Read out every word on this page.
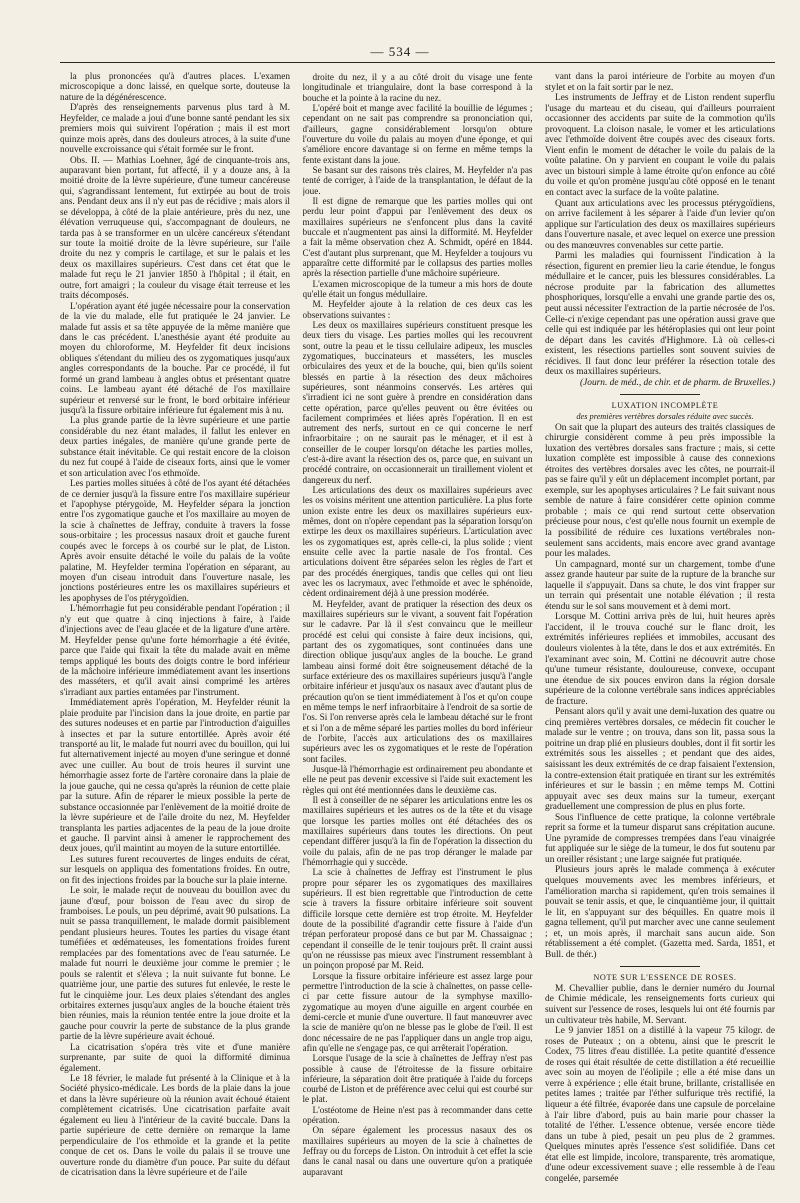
— 534 —

la plus prononcées qu'à d'autres places. L'examen microscopique a donc laissé, en quelque sorte, douteuse la nature de la dégénérescence.

D'après des renseignements parvenus plus tard à M. Heyfelder, ce malade a joui d'une bonne santé pendant les six premiers mois qui suivirent l'opération ; mais il est mort quinze mois après, dans des douleurs atroces, à la suite d'une nouvelle excroissance qui s'était formée sur le front.

Obs. II. — Mathias Loehner, âgé de cinquante-trois ans, auparavant bien portant, fut affecté, il y a douze ans, à la moitié droite de la lèvre supérieure, d'une tumeur cancéreuse qui, s'agrandissant lentement, fut extirpée au bout de trois ans. Pendant deux ans il n'y eut pas de récidive ; mais alors il se développa, à côté de la plaie antérieure, près du nez, une élévation verruqueuse qui, s'accompagnant de douleurs, ne tarda pas à se transformer en un ulcère cancéreux s'étendant sur toute la moitié droite de la lèvre supérieure, sur l'aile droite du nez y compris le cartilage, et sur le palais et les deux os maxillaires supérieurs. C'est dans cet état que le malade fut reçu le 21 janvier 1850 à l'hôpital ; il était, en outre, fort amaigri ; la couleur du visage était terreuse et les traits décomposés.

L'opération ayant été jugée nécessaire pour la conservation de la vie du malade, elle fut pratiquée le 24 janvier. Le malade fut assis et sa tête appuyée de la même manière que dans le cas précédent. L'anesthésie ayant été produite au moyen du chloroforme, M. Heyfelder fit deux incisions obliques s'étendant du milieu des os zygomatiques jusqu'aux angles correspondants de la bouche. Par ce procédé, il fut formé un grand lambeau à angles obtus et présentant quatre coins. Le lambeau ayant été détaché de l'os maxillaire supérieur et renversé sur le front, le bord orbitaire inférieur jusqu'à la fissure orbitaire inférieure fut également mis à nu.

La plus grande partie de la lèvre supérieure et une partie considérable du nez étant malades, il fallut les enlever en deux parties inégales, de manière qu'une grande perte de substance était inévitable. Ce qui restait encore de la cloison du nez fut coupé à l'aide de ciseaux forts, ainsi que le vomer et son articulation avec l'os ethmoïde.

Les parties molles situées à côté de l'os ayant été détachées de ce dernier jusqu'à la fissure entre l'os maxillaire supérieur et l'apophyse ptérygoïde, M. Heyfelder sépara la jonction entre l'os zygomatique gauche et l'os maxillaire au moyen de la scie à chaînettes de Jeffray, conduite à travers la fosse sous-orbitaire ; les processus nasaux droit et gauche furent coupés avec le forceps à os courbé sur le plat, de Liston. Après avoir ensuite détaché le voile du palais de la voûte palatine, M. Heyfelder termina l'opération en séparant, au moyen d'un ciseau introduit dans l'ouverture nasale, les jonctions postérieures entre les os maxillaires supérieurs et les apophyses de l'os ptérygoïdien.

L'hémorrhagie fut peu considérable pendant l'opération ; il n'y eut que quatre à cinq injections à faire, à l'aide d'injections avec de l'eau glacée et de la ligature d'une artère. M. Heyfelder pense qu'une forte hémorrhagie a été évitée, parce que l'aide qui fixait la tête du malade avait en même temps appliqué les bouts des doigts contre le bord inférieur de la mâchoire inférieure immédiatement avant les insertions des masséters, et qu'il avait ainsi comprimé les artères s'irradiant aux parties entamées par l'instrument.

Immédiatement après l'opération, M. Heyfelder réunit la plaie produite par l'incision dans la joue droite, en partie par des sutures nodeuses et en partie par l'introduction d'aiguilles à insectes et par la suture entortillée. Après avoir été transporté au lit, le malade fut nourri avec du bouillon, qui lui fut alternativement injecté au moyen d'une seringue et donné avec une cuiller. Au bout de trois heures il survint une hémorrhagie assez forte de l'artère coronaire dans la plaie de la joue gauche, qui ne cessa qu'après la réunion de cette plaie par la suture. Afin de réparer le mieux possible la perte de substance occasionnée par l'enlèvement de la moitié droite de la lèvre supérieure et de l'aile droite du nez, M. Heyfelder transplanta les parties adjacentes de la peau de la joue droite et gauche. Il parvint ainsi à amener le rapprochement des deux joues, qu'il maintint au moyen de la suture entortillée.

Les sutures furent recouvertes de linges enduits de cérat, sur lesquels on appliqua des fomentations froides. En outre, on fit des injections froides par la bouche sur la plaie interne.

Le soir, le malade reçut de nouveau du bouillon avec du jaune d'œuf, pour boisson de l'eau avec du sirop de framboises. Le pouls, un peu déprimé, avait 90 pulsations. La nuit se passa tranquillement, le malade dormit paisiblement pendant plusieurs heures. Toutes les parties du visage étant tuméfiées et œdémateuses, les fomentations froides furent remplacées par des fomentations avec de l'eau saturnée. Le malade fut nourri le deuxième jour comme le premier ; le pouls se ralentit et s'éleva ; la nuit suivante fut bonne. Le quatrième jour, une partie des sutures fut enlevée, le reste le fut le cinquième jour. Les deux plaies s'étendant des angles orbitaires externes jusqu'aux angles de la bouche étaient très bien réunies, mais la réunion tentée entre la joue droite et la gauche pour couvrir la perte de substance de la plus grande partie de la lèvre supérieure avait échoué.

La cicatrisation s'opéra très vite et d'une manière surprenante, par suite de quoi la difformité diminua également.

Le 18 février, le malade fut présenté à la Clinique et à la Société physico-médicale. Les bords de la plaie dans la joue et dans la lèvre supérieure où la réunion avait échoué étaient complètement cicatrisés. Une cicatrisation parfaite avait également eu lieu à l'intérieur de la cavité buccale. Dans la partie supérieure de cette dernière on remarque la lame perpendiculaire de l'os ethmoïde et la grande et la petite conque de cet os. Dans le voile du palais il se trouve une ouverture ronde du diamètre d'un pouce. Par suite du défaut de cicatrisation dans la lèvre supérieure et de l'aile

droite du nez, il y a au côté droit du visage une fente longitudinale et triangulaire, dont la base correspond à la bouche et la pointe à la racine du nez.

L'opéré boit et mange avec facilité la bouillie de légumes ; cependant on ne sait pas comprendre sa prononciation qui, d'ailleurs, gagne considérablement lorsqu'on obture l'ouverture du voile du palais au moyen d'une éponge, et qui s'améliore encore davantage si on ferme en même temps la fente existant dans la joue.

Se basant sur des raisons très claires, M. Heyfelder n'a pas tenté de corriger, à l'aide de la transplantation, le défaut de la joue.

Il est digne de remarque que les parties molles qui ont perdu leur point d'appui par l'enlèvement des deux os maxillaires supérieurs ne s'enfoncent plus dans la cavité buccale et n'augmentent pas ainsi la difformité. M. Heyfelder a fait la même observation chez A. Schmidt, opéré en 1844. C'est d'autant plus surprenant, que M. Heyfelder a toujours vu apparaître cette difformité par le collapsus des parties molles après la résection partielle d'une mâchoire supérieure.

L'examen microscopique de la tumeur a mis hors de doute qu'elle était un fongus médullaire.

M. Heyfelder ajoute à la relation de ces deux cas les observations suivantes :

Les deux os maxillaires supérieurs constituent presque les deux tiers du visage. Les parties molles qui les recouvrent sont, outre la peau et le tissu cellulaire adipeux, les muscles zygomatiques, buccinateurs et masséters, les muscles orbiculaires des yeux et de la bouche, qui, bien qu'ils soient blessés en partie à la résection des deux mâchoires supérieures, sont néanmoins conservés. Les artères qui s'irradient ici ne sont guère à prendre en considération dans cette opération, parce qu'elles peuvent ou être évitées ou facilement comprimées et liées après l'opération. Il en est autrement des nerfs, surtout en ce qui concerne le nerf infraorbitaire ; on ne saurait pas le ménager, et il est à conseiller de le couper lorsqu'on détache les parties molles, c'est-à-dire avant la résection des os, parce que, en suivant un procédé contraire, on occasionnerait un tiraillement violent et dangereux du nerf.

Les articulations des deux os maxillaires supérieurs avec les os voisins méritent une attention particulière. La plus forte union existe entre les deux os maxillaires supérieurs eux-mêmes, dont on n'opère cependant pas la séparation lorsqu'on extirpe les deux os maxillaires supérieurs. L'articulation avec les os zygomatiques est, après celle-ci, la plus solide ; vient ensuite celle avec la partie nasale de l'os frontal. Ces articulations doivent être séparées selon les règles de l'art et par des procédés énergiques, tandis que celles qui ont lieu avec les os lacrymaux, avec l'ethmoïde et avec le sphénoïde, cèdent ordinairement déjà à une pression modérée.

M. Heyfelder, avant de pratiquer la résection des deux os maxillaires supérieurs sur le vivant, a souvent fait l'opération sur le cadavre. Par là il s'est convaincu que le meilleur procédé est celui qui consiste à faire deux incisions, qui, partant des os zygomatiques, sont continuées dans une direction oblique jusqu'aux angles de la bouche. Le grand lambeau ainsi formé doit être soigneusement détaché de la surface extérieure des os maxillaires supérieurs jusqu'à l'angle orbitaire inférieur et jusqu'aux os nasaux avec d'autant plus de précaution qu'on se tient immédiatement à l'os et qu'on coupe en même temps le nerf infraorbitaire à l'endroit de sa sortie de l'os. Si l'on renverse après cela le lambeau détaché sur le front et si l'on a de même séparé les parties molles du bord inférieur de l'orbite, l'accès aux articulations des os maxillaires supérieurs avec les os zygomatiques et le reste de l'opération sont faciles.

Jusque-là l'hémorrhagie est ordinairement peu abondante et elle ne peut pas devenir excessive si l'aide suit exactement les règles qui ont été mentionnées dans le deuxième cas.

Il est à conseiller de ne séparer les articulations entre les os maxillaires supérieurs et les autres os de la tête et du visage que lorsque les parties molles ont été détachées des os maxillaires supérieurs dans toutes les directions. On peut cependant différer jusqu'à la fin de l'opération la dissection du voile du palais, afin de ne pas trop déranger le malade par l'hémorrhagie qui y succède.

La scie à chaînettes de Jeffray est l'instrument le plus propre pour séparer les os zygomatiques des maxillaires supérieurs. Il est bien regrettable que l'introduction de cette scie à travers la fissure orbitaire inférieure soit souvent difficile lorsque cette dernière est trop étroite. M. Heyfelder doute de la possibilité d'agrandir cette fissure à l'aide d'un trépan perforateur proposé dans ce but par M. Chassaignac ; cependant il conseille de le tenir toujours prêt. Il craint aussi qu'on ne réussisse pas mieux avec l'instrument ressemblant à un poinçon proposé par M. Reid.

Lorsque la fissure orbitaire inférieure est assez large pour permettre l'introduction de la scie à chaînettes, on passe celle-ci par cette fissure autour de la symphyse maxillo-zygomatique au moyen d'une aiguille en argent courbée en demi-cercle et munie d'une ouverture. Il faut manœuvrer avec la scie de manière qu'on ne blesse pas le globe de l'œil. Il est donc nécessaire de ne pas l'appliquer dans un angle trop aigu, afin qu'elle ne s'engage pas, ce qui arrêterait l'opération.

Lorsque l'usage de la scie à chaînettes de Jeffray n'est pas possible à cause de l'étroitesse de la fissure orbitaire inférieure, la séparation doit être pratiquée à l'aide du forceps courbé de Liston et de préférence avec celui qui est courbé sur le plat.

L'ostéotome de Heine n'est pas à recommander dans cette opération.

On sépare également les processus nasaux des os maxillaires supérieurs au moyen de la scie à chaînettes de Jeffray ou du forceps de Liston. On introduit à cet effet la scie dans le canal nasal ou dans une ouverture qu'on a pratiquée auparavant

vant dans la paroi intérieure de l'orbite au moyen d'un stylet et on la fait sortir par le nez.

Les instruments de Jeffray et de Liston rendent superflu l'usage du marteau et du ciseau, qui d'ailleurs pourraient occasionner des accidents par suite de la commotion qu'ils provoquent. La cloison nasale, le vomer et les articulations avec l'ethmoïde doivent être coupés avec des ciseaux forts. Vient enfin le moment de détacher le voile du palais de la voûte palatine. On y parvient en coupant le voile du palais avec un bistouri simple à lame étroite qu'on enfonce au côté du voile et qu'on promène jusqu'au côté opposé en le tenant en contact avec la surface de la voûte palatine.

Quant aux articulations avec les processus ptérygoïdiens, on arrive facilement à les séparer à l'aide d'un levier qu'on applique sur l'articulation des deux os maxillaires supérieurs dans l'ouverture nasale, et avec lequel on exerce une pression ou des manœuvres convenables sur cette partie.

Parmi les maladies qui fournissent l'indication à la résection, figurent en premier lieu la carie étendue, le fongus médullaire et le cancer, puis les blessures considérables. La nécrose produite par la fabrication des allumettes phosphoriques, lorsqu'elle a envahi une grande partie des os, peut aussi nécessiter l'extraction de la partie nécrosée de l'os. Celle-ci n'exige cependant pas une opération aussi grave que celle qui est indiquée par les hétéroplasies qui ont leur point de départ dans les cavités d'Highmore. Là où celles-ci existent, les résections partielles sont souvent suivies de récidives. Il faut donc leur préférer la résection totale des deux os maxillaires supérieurs.

(Journ. de méd., de chir. et de pharm. de Bruxelles.)

LUXATION INCOMPLÈTE

des premières vertèbres dorsales réduite avec succès.

On sait que la plupart des auteurs des traités classiques de chirurgie considèrent comme à peu près impossible la luxation des vertèbres dorsales sans fracture ; mais, si cette luxation complète est impossible à cause des connexions étroites des vertèbres dorsales avec les côtes, ne pourrait-il pas se faire qu'il y eût un déplacement incomplet portant, par exemple, sur les apophyses articulaires ? Le fait suivant nous semble de nature à faire considérer cette opinion comme probable ; mais ce qui rend surtout cette observation précieuse pour nous, c'est qu'elle nous fournit un exemple de la possibilité de réduire ces luxations vertébrales non-seulement sans accidents, mais encore avec grand avantage pour les malades.

Un campagnard, monté sur un chargement, tombe d'une assez grande hauteur par suite de la rupture de la branche sur laquelle il s'appuyait. Dans sa chute, le dos vint frapper sur un terrain qui présentait une notable élévation ; il resta étendu sur le sol sans mouvement et à demi mort.

Lorsque M. Cottini arriva près de lui, huit heures après l'accident, il le trouva couché sur le flanc droit, les extrémités inférieures repliées et immobiles, accusant des douleurs violentes à la tête, dans le dos et aux extrémités. En l'examinant avec soin, M. Cottini ne découvrit autre chose qu'une tumeur résistante, douloureuse, convexe, occupant une étendue de six pouces environ dans la région dorsale supérieure de la colonne vertébrale sans indices appréciables de fracture.

Pensant alors qu'il y avait une demi-luxation des quatre ou cinq premières vertèbres dorsales, ce médecin fit coucher le malade sur le ventre ; on trouva, dans son lit, passa sous la poitrine un drap plié en plusieurs doubles, dont il fit sortir les extrémités sous les aisselles ; et pendant que des aides, saisissant les deux extrémités de ce drap faisaient l'extension, la contre-extension était pratiquée en tirant sur les extrémités inférieures et sur le bassin ; en même temps M. Cottini appuyait avec ses deux mains sur la tumeur, exerçant graduellement une compression de plus en plus forte.

Sous l'influence de cette pratique, la colonne vertébrale reprit sa forme et la tumeur disparut sans crépitation aucune. Une pyramide de compresses trempées dans l'eau vinaigrée fut appliquée sur le siège de la tumeur, le dos fut soutenu par un oreiller résistant ; une large saignée fut pratiquée.

Plusieurs jours après le malade commença à exécuter quelques mouvements avec les membres inférieurs, et l'amélioration marcha si rapidement, qu'en trois semaines il pouvait se tenir assis, et que, le cinquantième jour, il quittait le lit, en s'appuyant sur des béquilles. En quatre mois il gagna tellement, qu'il put marcher avec une canne seulement ; et, un mois après, il marchait sans aucun aide. Son rétablissement a été complet. (Gazetta med. Sarda, 1851, et Bull. de thér.)

NOTE SUR L'ESSENCE DE ROSES.

M. Chevallier publie, dans le dernier numéro du Journal de Chimie médicale, les renseignements forts curieux qui suivent sur l'essence de roses, lesquels lui ont été fournis par un cultivateur très habile, M. Servant.

Le 9 janvier 1851 on a distillé à la vapeur 75 kilogr. de roses de Puteaux ; on a obtenu, ainsi que le prescrit le Codex, 75 litres d'eau distillée. La petite quantité d'essence de roses qui était résultée de cette distillation a été recueillie avec soin au moyen de l'éolipile ; elle a été mise dans un verre à expérience ; elle était brune, brillante, cristallisée en petites lames ; traitée par l'éther sulfurique très rectifié, la liqueur a été filtrée, évaporée dans une capsule de porcelaine à l'air libre d'abord, puis au bain marie pour chasser la totalité de l'éther. L'essence obtenue, versée encore tiède dans un tube à pied, pesait un peu plus de 2 grammes. Quelques minutes après l'essence s'est solidifiée. Dans cet état elle est limpide, incolore, transparente, très aromatique, d'une odeur excessivement suave ; elle ressemble à de l'eau congelée, parsemée
